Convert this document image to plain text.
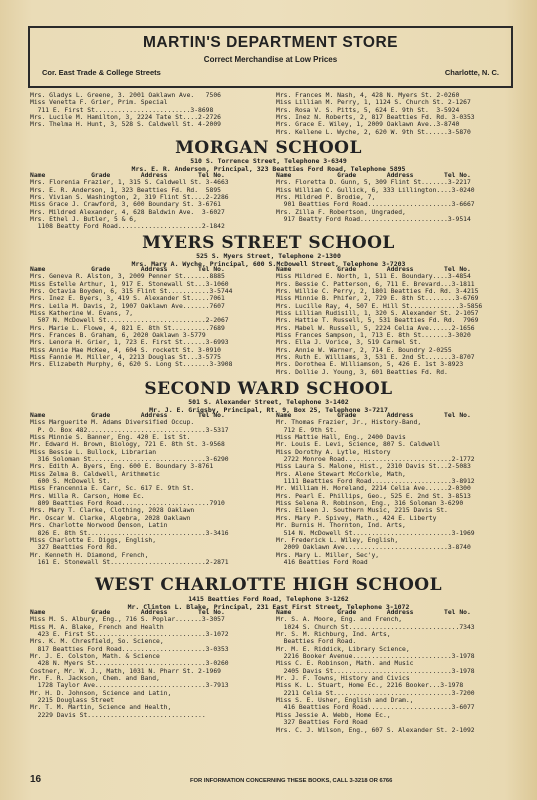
MARTIN'S DEPARTMENT STORE
Correct Merchandise at Low Prices
Cor. East Trade & College Streets	Charlotte, N. C.
Mrs. Gladys L. Greene, 3. 2001 Oaklawn Ave.   7506
Miss Venetta F. Grier, Prim. Special
711 E. First St.........................3-8698
Mrs. Lucile M. Hamilton, 3, 2224 Tate St....2-2726
Mrs. Thelma H. Hunt, 3, 528 S. Caldwell St. 4-2009
Mrs. Frances M. Nash, 4, 428 N. Myers St. 2-0260
Miss Lillian M. Perry, 1, 1124 S. Church St. 2-1267
Mrs. Rosa V. S. Pitts, 5, 624 E. 9th St.  3-5924
Mrs. Inez N. Roberts, 2, 817 Beatties Fd. Rd. 3-0353
Mrs. Grace E. Wiley, 1, 2009 Oaklawn Ave..3-8740
Mrs. Kellene L. Wyche, 2, 620 W. 9th St......3-5870
MORGAN SCHOOL
510 S. Torrence Street, Telephone 3-6349
Mrs. E. R. Anderson, Principal, 323 Beatties Ford Road, Telephone 5895
Name            Grade        Address        Tel No.
Mrs. Florenia Frazier, 1, 315 S. Caldwell St. 3-4663
Mrs. E. R. Anderson, 1, 323 Beatties Fd. Rd.  5895
Mrs. Vivian S. Washington, 2, 319 Flint St....2-2286
Miss Grace J. Crawford, 3, 600 Boundary St. 3-6761
Mrs. Mildred Alexander, 4, 628 Baldwin Ave.  3-6027
Mrs. Ethel J. Butler, 5 & 6,
1108 Beatty Ford Road......................2-1842
Name            Grade        Address        Tel No.
Mrs. Floretta D. Gunn, 5, 309 Flint St.......3-2217
Miss William C. Gullick, 6, 333 Lillington....3-0240
Mrs. Mildred P. Brodie, 7,
901 Beatties Ford Road......................3-6667
Mrs. Zilla F. Robertson, Ungraded,
917 Beatty Ford Road.......................3-9514
MYERS STREET SCHOOL
525 S. Myers Street, Telephone 2-1300
Mrs. Mary A. Wyche, Principal, 600 S.McDowell Street, Telephone 3-7203
Name            Grade        Address        Tel No.
Mrs. Geneva R. Alston, 3, 2009 Penner St.......8885
Miss Estelle Arthur, 1, 917 E. Stonewall St...3-1060
Mrs. Octavia Boyden, 6, 315 Flint St...........3-5744
Mrs. Inez E. Byers, 3, 419 S. Alexander St.....7061
Mrs. Leila M. Davis, 2, 1907 Oaklawn Ave.......7607
Miss Katherine W. Evans, 7,
507 N. McDowell St..........................2-2067
Mrs. Marie L. Flowe, 4, 821 E. 8th St..........7689
Mrs. Frances B. Graham, 6, 2020 Oaklawn 3-5779
Mrs. Lenora H. Grier, 1, 723 E. First St......3-6993
Miss Annie Mae McKee, 4, 604 S. rockett St. 3-0910
Miss Fannie M. Miller, 4, 2213 Douglas St...3-5775
Mrs. Elizabeth Murphy, 6, 620 S. Long St.......3-3908
Name            Grade        Address        Tel No.
Miss Mildred E. North, 1, 511 E. Boundary....3-4854
Mrs. Bessie C. Patterson, 6, 711 E. Brevard...3-1811
Mrs. Willie C. Perry, 2, 1801 Beatties Fd. Rd. 3-4215
Miss Minnie B. Phifer, 2, 729 E. 8th St........3-6769
Mrs. Lucille Ray, 4, 507 E. Hill St.............3-5856
Miss Lillian Rudisill, 1, 320 S. Alexander St. 2-1057
Mrs. Hattie T. Russell, 5, 531 Beatties Fd. Rd.  7969
Mrs. Mabel W. Russell, 5, 2224 Celia Ave......2-1656
Miss Frances Sampson, 1, 713 E. 8th St.......3-3020
Mrs. Ella J. Vorice, 3, 519 Carmel St.
Mrs. Annie W. Warner, 2, 714 E. Boundry 2-0255
Mrs. Ruth E. Williams, 3, 531 E. 2nd St.......3-8707
Mrs. Dorothea E. Williamson, 5, 426 E. 1st 3-8923
Mrs. Dollie J. Young, 3, 601 Beatties Fd. Rd.
SECOND WARD SCHOOL
501 S. Alexander Street, Telephone 3-1402
Mr. J. E. Grigsby, Principal, Rt. 9, Box 25, Telephone 3-7217
Name            Grade        Address        Tel No.
Miss Marguerite M. Adams Diversified Occup.
P. O. Box 482...............................3-5317
Miss Minnie S. Banner, Eng. 420 E. 1st St.
Mr. Edward H. Brown, Biology, 721 E. 8th St. 3-9568
Miss Bessie L. Bullock, Librarian
316 Soloman St..............................3-6290
Mrs. Edith A. Byers, Eng. 600 E. Boundary 3-8761
Miss Zelma B. Caldwell, Arithmetic
600 S. McDowell St.
Miss Francennia E. Carr, Sc. 617 E. 9th St.
Mrs. Willa R. Carson, Home Ec.
809 Beatties Ford Road.......................7910
Mrs. Mary T. Clarke, Clothing, 2028 Oaklawn
Mr. Oscar W. Clarke, Algebra, 2028 Oaklawn
Mrs. Charlotte Norwood Denson, Latin
826 E. 8th St...............................3-3416
Miss Charlotte E. Diggs, English,
327 Beatties Ford Rd.
Mr. Kenneth H. Diamond, French,
161 E. Stonewall St.........................2-2871
Name            Grade        Address        Tel No.
Mr. Thomas Frazier, Jr., History-Band,
712 E. 9th St.
Miss Mattie Hall, Eng., 2400 Davis
Mr. Louis E. Levi, Science, 807 S. Caldwell
Miss Dorothy A. Lytle, History
2722 Monroe Road............................2-1772
Miss Laura S. Malone, Hist., 2310 Davis St...2-5083
Mrs. Alene Stewart McCorkle, Math,
1111 Beatties Ford Road.....................3-8912
Mr. William H. Moreland, 2214 Celia Ave......2-0300
Mrs. Pearl E. Phillips, Geo., 525 E. 2nd St. 3-8513
Miss Selena R. Robinson, Eng., 316 Soloman 3-6290
Mrs. Eileen J. Southern Music, 2215 Davis St.
Mrs. Mary P. Spivey, Math., 424 E. Liberty
Mr. Burnis H. Thornton, Ind. Arts,
514 N. McDowell St..........................3-1969
Mr. Frederick L. Wiley, English,
2009 Oaklawn Ave...........................3-8740
Mrs. Mary L. Miller, Sec'y,
416 Beatties Ford Road
WEST CHARLOTTE HIGH SCHOOL
1415 Beatties Ford Road, Telephone 3-1262
Mr. Clinton L. Blake, Principal, 231 East First Street, Telephone 3-1072
Name            Grade        Address        Tel No.
Miss M. S. Albury, Eng., 716 S. Poplar.......3-3057
Miss M. A. Blake, French and Health
423 E. First St.............................3-1072
Mrs. K. M. Chresfield, So. Science,
817 Beatties Ford Road......................3-0353
Mr. J. E. Colston, Math. & Science
428 N. Myers St.............................3-0260
Costner, Mr. W. J., Math, 1031 N. Pharr St. 2-1969
Mr. F. R. Jackson, Chem. and Band,
1728 Taylor Ave.............................3-7913
Mr. H. D. Johnson, Science and Latin,
2215 Douglass Street
Mr. T. M. Martin, Science and Health,
2229 Davis St...............................
Name            Grade        Address        Tel No.
Mr. S. A. Moore, Eng. and French,
1024 S. Church St.............................7343
Mr. S. M. Richburg, Ind. Arts,
Beatties Ford Road.
Mr. M. E. Riddick, Library Science,
2216 Booker Avenue..........................3-1978
Miss C. E. Robinson, Math. and Music
2405 Davis St...............................3-1978
Mr. J. F. Towns, History and Civics
Miss K. L. Stuart, Home Ec., 2216 Booker...3-1978
2211 Celia St...............................3-7200
Miss S. E. Usher, English and Dram.,
416 Beatties Ford Road......................3-6077
Miss Jessie A. Webb, Home Ec.,
327 Beatties Ford Road
Mrs. C. J. Wilson, Eng., 607 S. Alexander St. 2-1092
16	FOR INFORMATION CONCERNING THESE BOOKS, CALL 3-3218 OR 6766
